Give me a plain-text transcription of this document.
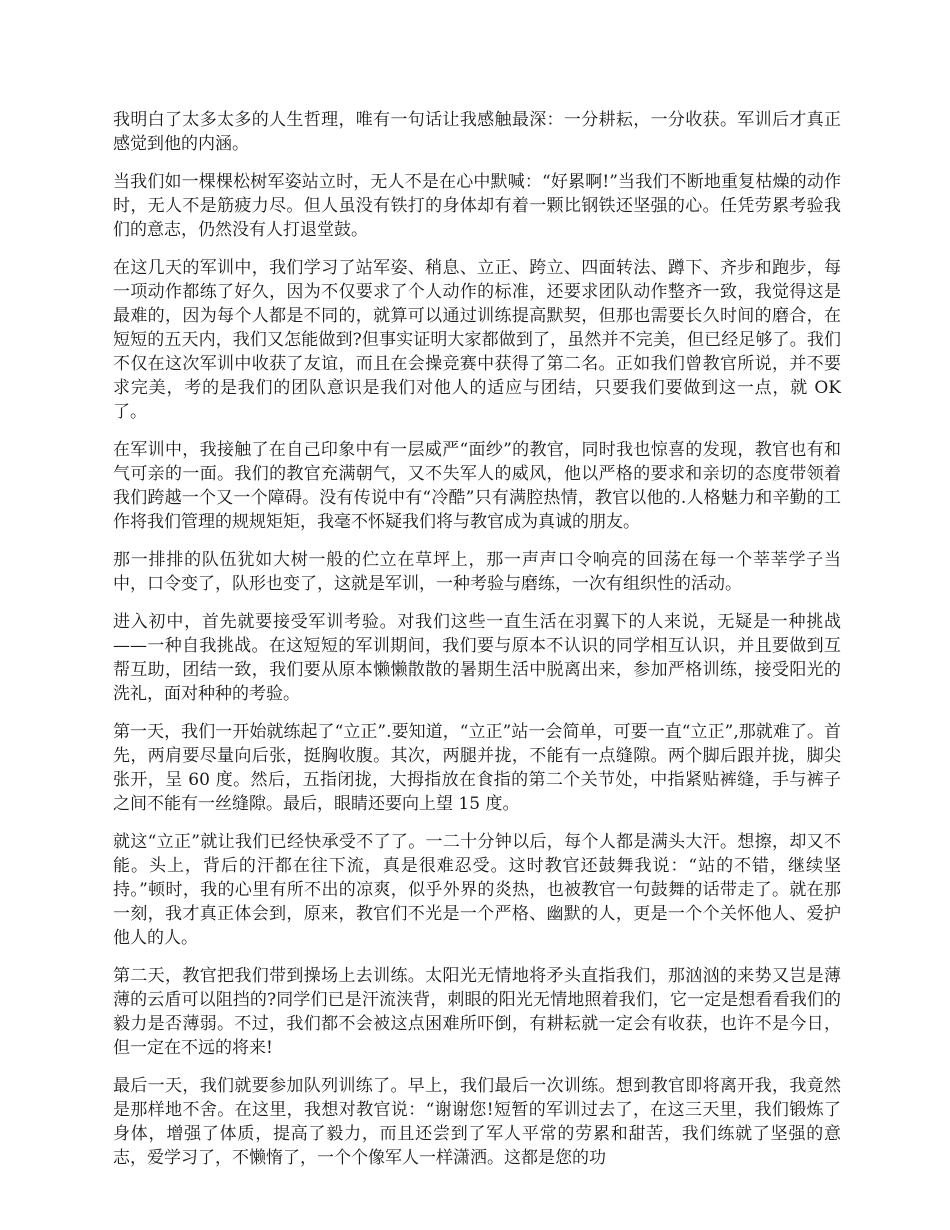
我明白了太多太多的人生哲理，唯有一句话让我感触最深：一分耕耘，一分收获。军训后才真正感觉到他的内涵。

当我们如一棵棵松树军姿站立时，无人不是在心中默喊：“好累啊!”当我们不断地重复枯燥的动作时，无人不是筋疲力尽。但人虽没有铁打的身体却有着一颗比钢铁还坚强的心。任凭劳累考验我们的意志，仍然没有人打退堂鼓。

在这几天的军训中，我们学习了站军姿、稍息、立正、跨立、四面转法、蹲下、齐步和跑步，每一项动作都练了好久，因为不仅要求了个人动作的标准，还要求团队动作整齐一致，我觉得这是最难的，因为每个人都是不同的，就算可以通过训练提高默契，但那也需要长久时间的磨合，在短短的五天内，我们又怎能做到?但事实证明大家都做到了，虽然并不完美，但已经足够了。我们不仅在这次军训中收获了友谊，而且在会操竞赛中获得了第二名。正如我们曾教官所说，并不要求完美，考的是我们的团队意识是我们对他人的适应与团结，只要我们要做到这一点，就 OK 了。

在军训中，我接触了在自己印象中有一层威严“面纱”的教官，同时我也惊喜的发现，教官也有和气可亲的一面。我们的教官充满朝气，又不失军人的威风，他以严格的要求和亲切的态度带领着我们跨越一个又一个障碍。没有传说中有“冷酷”只有满腔热情，教官以他的.人格魅力和辛勤的工作将我们管理的规规矩矩，我毫不怀疑我们将与教官成为真诚的朋友。

那一排排的队伍犹如大树一般的伫立在草坪上，那一声声口令响亮的回荡在每一个莘莘学子当中，口令变了，队形也变了，这就是军训，一种考验与磨练，一次有组织性的活动。

进入初中，首先就要接受军训考验。对我们这些一直生活在羽翼下的人来说，无疑是一种挑战——一种自我挑战。在这短短的军训期间，我们要与原本不认识的同学相互认识，并且要做到互帮互助，团结一致，我们要从原本懒懒散散的暑期生活中脱离出来，参加严格训练，接受阳光的洗礼，面对种种的考验。

第一天，我们一开始就练起了“立正”.要知道，“立正”站一会简单，可要一直“立正”,那就难了。首先，两肩要尽量向后张，挺胸收腹。其次，两腿并拢，不能有一点缝隙。两个脚后跟并拢，脚尖张开，呈 60 度。然后，五指闭拢，大拇指放在食指的第二个关节处，中指紧贴裤缝，手与裤子之间不能有一丝缝隙。最后，眼睛还要向上望 15 度。

就这“立正”就让我们已经快承受不了了。一二十分钟以后，每个人都是满头大汗。想擦，却又不能。头上，背后的汗都在往下流，真是很难忍受。这时教官还鼓舞我说：“站的不错，继续坚持。”顿时，我的心里有所不出的凉爽，似乎外界的炎热，也被教官一句鼓舞的话带走了。就在那一刻，我才真正体会到，原来，教官们不光是一个严格、幽默的人，更是一个个关怀他人、爱护他人的人。

第二天，教官把我们带到操场上去训练。太阳光无情地将矛头直指我们，那汹汹的来势又岂是薄薄的云盾可以阻挡的?同学们已是汗流浃背，刺眼的阳光无情地照着我们，它一定是想看看我们的毅力是否薄弱。不过，我们都不会被这点困难所吓倒，有耕耘就一定会有收获，也许不是今日，但一定在不远的将来!

最后一天，我们就要参加队列训练了。早上，我们最后一次训练。想到教官即将离开我，我竟然是那样地不舍。在这里，我想对教官说：“谢谢您!短暂的军训过去了，在这三天里，我们锻炼了身体，增强了体质，提高了毅力，而且还尝到了军人平常的劳累和甜苦，我们练就了坚强的意志，爱学习了，不懒惰了，一个个像军人一样潇洒。这都是您的功
